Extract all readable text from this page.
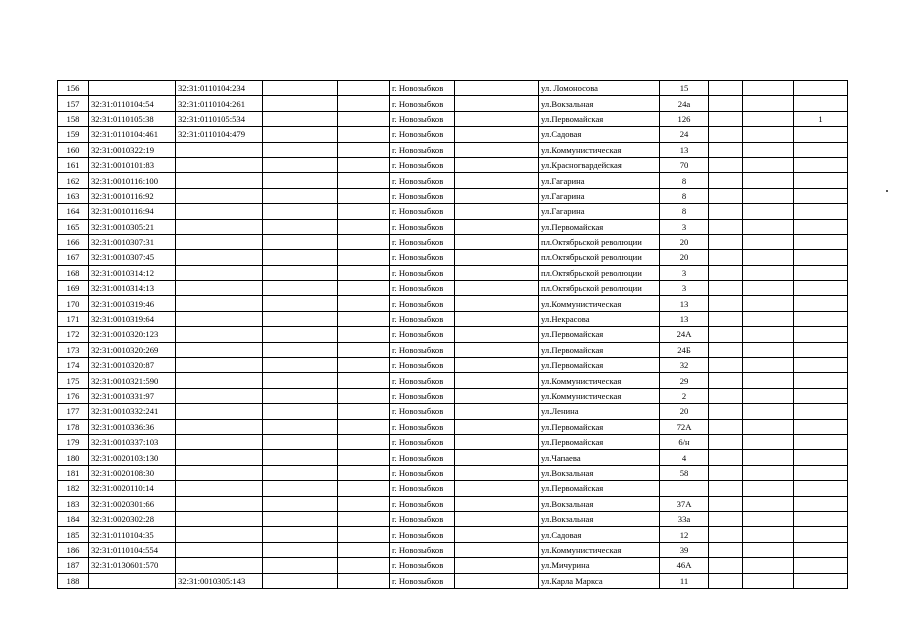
156		32:31:0110104:234			г. Новозыбков		ул. Ломоносова	15			
157	32:31:0110104:54	32:31:0110104:261			г. Новозыбков		ул.Вокзальная	24а			
158	32:31:0110105:38	32:31:0110105:534			г. Новозыбков		ул.Первомайская	126			1
159	32:31:0110104:461	32:31:0110104:479			г. Новозыбков		ул.Садовая	24			
160	32:31:0010322:19				г. Новозыбков		ул.Коммунистическая	13			
161	32:31:0010101:83				г. Новозыбков		ул.Красногвардейская	70			
162	32:31:0010116:100				г. Новозыбков		ул.Гагарина	8			
163	32:31:0010116:92				г. Новозыбков		ул.Гагарина	8			
164	32:31:0010116:94				г. Новозыбков		ул.Гагарина	8			
165	32:31:0010305:21				г. Новозыбков		ул.Первомайская	3			
166	32:31:0010307:31				г. Новозыбков		пл.Октябрьской революции	20			
167	32:31:0010307:45				г. Новозыбков		пл.Октябрьской революции	20			
168	32:31:0010314:12				г. Новозыбков		пл.Октябрьской революции	3			
169	32:31:0010314:13				г. Новозыбков		пл.Октябрьской революции	3			
170	32:31:0010319:46				г. Новозыбков		ул.Коммунистическая	13			
171	32:31:0010319:64				г. Новозыбков		ул.Некрасова	13			
172	32:31:0010320:123				г. Новозыбков		ул.Первомайская	24А			
173	32:31:0010320:269				г. Новозыбков		ул.Первомайская	24Б			
174	32:31:0010320:87				г. Новозыбков		ул.Первомайская	32			
175	32:31:0010321:590				г. Новозыбков		ул.Коммунистическая	29			
176	32:31:0010331:97				г. Новозыбков		ул.Коммунистическая	2			
177	32:31:0010332:241				г. Новозыбков		ул.Ленина	20			
178	32:31:0010336:36				г. Новозыбков		ул.Первомайская	72А			
179	32:31:0010337:103				г. Новозыбков		ул.Первомайская	6/н			
180	32:31:0020103:130				г. Новозыбков		ул.Чапаева	4			
181	32:31:0020108:30				г. Новозыбков		ул.Вокзальная	58			
182	32:31:0020110:14				г. Новозыбков		ул.Первомайская				
183	32:31:0020301:66				г. Новозыбков		ул.Вокзальная	37А			
184	32:31:0020302:28				г. Новозыбков		ул.Вокзальная	33а			
185	32:31:0110104:35				г. Новозыбков		ул.Садовая	12			
186	32:31:0110104:554				г. Новозыбков		ул.Коммунистическая	39			
187	32:31:0130601:570				г. Новозыбков		ул.Мичурина	46А			
188		32:31:0010305:143			г. Новозыбков		ул.Карла Маркса	11			
